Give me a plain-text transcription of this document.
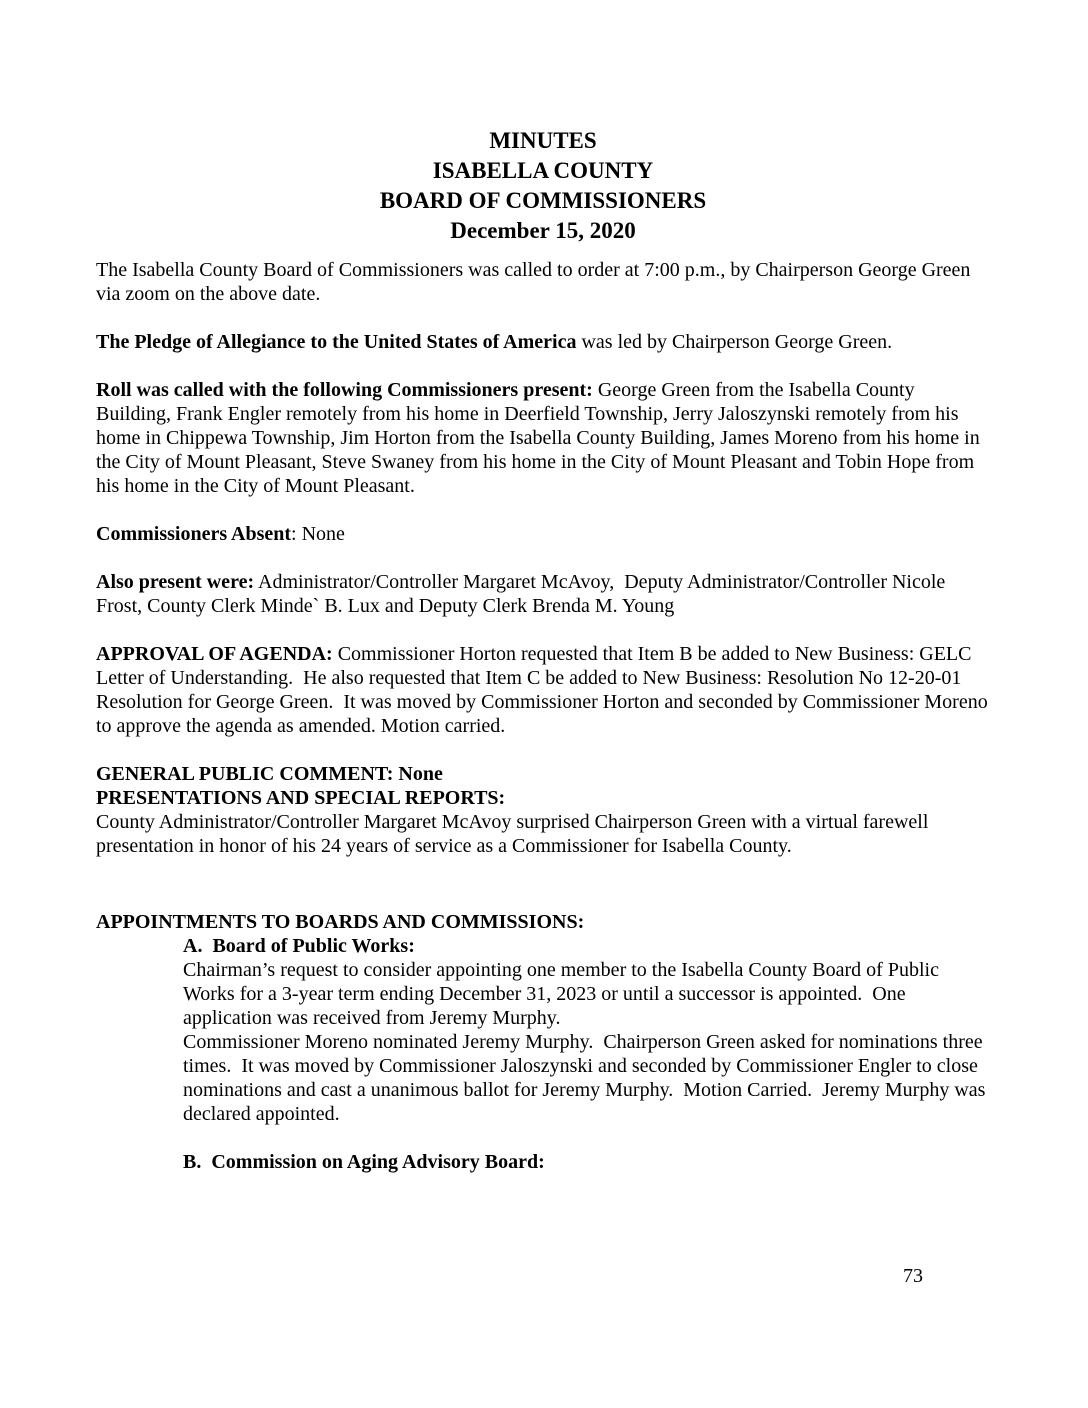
MINUTES
ISABELLA COUNTY
BOARD OF COMMISSIONERS
December 15, 2020

The Isabella County Board of Commissioners was called to order at 7:00 p.m., by Chairperson George Green via zoom on the above date.

The Pledge of Allegiance to the United States of America was led by Chairperson George Green.

Roll was called with the following Commissioners present: George Green from the Isabella County Building, Frank Engler remotely from his home in Deerfield Township, Jerry Jaloszynski remotely from his home in Chippewa Township, Jim Horton from the Isabella County Building, James Moreno from his home in the City of Mount Pleasant, Steve Swaney from his home in the City of Mount Pleasant and Tobin Hope from his home in the City of Mount Pleasant.

Commissioners Absent: None

Also present were: Administrator/Controller Margaret McAvoy,  Deputy Administrator/Controller Nicole Frost, County Clerk Minde` B. Lux and Deputy Clerk Brenda M. Young

APPROVAL OF AGENDA: Commissioner Horton requested that Item B be added to New Business: GELC Letter of Understanding.  He also requested that Item C be added to New Business: Resolution No 12-20-01 Resolution for George Green.  It was moved by Commissioner Horton and seconded by Commissioner Moreno to approve the agenda as amended. Motion carried.

GENERAL PUBLIC COMMENT: None

PRESENTATIONS AND SPECIAL REPORTS:

County Administrator/Controller Margaret McAvoy surprised Chairperson Green with a virtual farewell presentation in honor of his 24 years of service as a Commissioner for Isabella County.

APPOINTMENTS TO BOARDS AND COMMISSIONS:
A.  Board of Public Works:

Chairman’s request to consider appointing one member to the Isabella County Board of Public Works for a 3-year term ending December 31, 2023 or until a successor is appointed.  One application was received from Jeremy Murphy.

Commissioner Moreno nominated Jeremy Murphy.  Chairperson Green asked for nominations three times.  It was moved by Commissioner Jaloszynski and seconded by Commissioner Engler to close nominations and cast a unanimous ballot for Jeremy Murphy.  Motion Carried.  Jeremy Murphy was declared appointed.

B.  Commission on Aging Advisory Board:
73
